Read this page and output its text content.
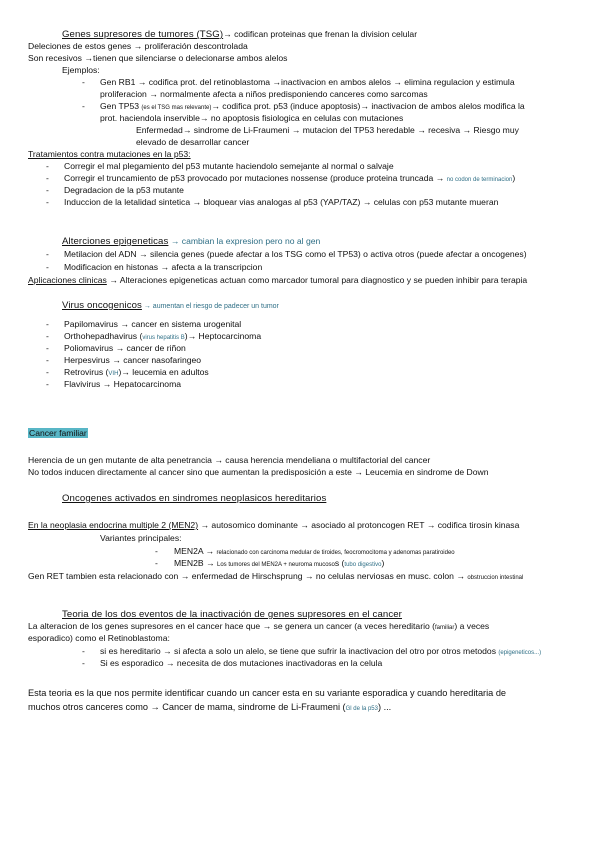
Genes supresores de tumores (TSG)→ codifican proteinas que frenan la division celular
Deleciones de estos genes → proliferación descontrolada
Son recesivos →tienen que silenciarse o delecionarse ambos alelos
Ejemplos:
- Gen RB1 → codifica prot. del retinoblastoma →inactivacion en ambos alelos → elimina regulacion y estimula
proliferacion → normalmente afecta a niños predisponiendo canceres como sarcomas
- Gen TP53 (es el TSG mas relevante)→ codifica prot. p53 (induce apoptosis)→ inactivacion de ambos alelos modifica la
prot. haciendola inservible→ no apoptosis fisiologica en celulas con mutaciones
Enfermedad→ sindrome de Li-Fraumeni → mutacion del TP53 heredable → recesiva → Riesgo muy
elevado de desarrollar cancer
Tratamientos contra mutaciones en la p53:
- Corregir el mal plegamiento del p53 mutante haciendolo semejante al normal o salvaje
- Corregir el truncamiento de p53 provocado por mutaciones nossense (produce proteina truncada → no codon de terminacion)
- Degradacion de la p53 mutante
- Induccion de la letalidad sintetica → bloquear vias analogas al p53 (YAP/TAZ) → celulas con p53 mutante mueran
Alterciones epigeneticas → cambian la expresion pero no al gen
- Metilacion del ADN → silencia genes (puede afectar a los TSG como el TP53) o activa otros (puede afectar a oncogenes)
- Modificacion en histonas → afecta a la transcripcion
Aplicaciones clinicas → Alteraciones epigeneticas actuan como marcador tumoral para diagnostico y se pueden inhibir para terapia
Virus oncogenicos → aumentan el riesgo de padecer un tumor
- Papilomavirus → cancer en sistema urogenital
- Orthohepadhavirus (virus hepatitis B)→ Heptocarcinoma
- Poliomavirus → cancer de riñon
- Herpesvirus → cancer nasofaringeo
- Retrovirus (VIH)→ leucemia en adultos
- Flavivirus → Hepatocarcinoma
Cancer familiar
Herencia de un gen mutante de alta penetrancia → causa herencia mendeliana o multifactorial del cancer
No todos inducen directamente al cancer sino que aumentan la predisposición a este → Leucemia en sindrome de Down
Oncogenes activados en sindromes neoplasicos hereditarios
En la neoplasia endocrina multiple 2 (MEN2) → autosomico dominante → asociado al protoncogen RET → codifica tirosin kinasa
Variantes principales:
- MEN2A → relacionado con carcinoma medular de tiroides, feocromocitoma y adenomas paratiroideo
- MEN2B → Los tumores del MEN2A + neuroma mucosos (tubo digestivo)
Gen RET tambien esta relacionado con → enfermedad de Hirschsprung → no celulas nerviosas en musc. colon → obstruccion intestinal
Teoria de los dos eventos de la inactivación de genes supresores en el cancer
La alteracion de los genes supresores en el cancer hace que → se genera un cancer (a veces hereditario (familiar) a veces
esporadico) como el Retinoblastoma:
- si es hereditario → si afecta a solo un alelo, se tiene que sufrir la inactivacion del otro por otros metodos (epigeneticos...)
- Si es esporadico → necesita de dos mutaciones inactivadoras en la celula
Esta teoria es la que nos permite identificar cuando un cancer esta en su variante esporadica y cuando hereditaria de
muchos otros canceres como → Cancer de mama, sindrome de Li-Fraumeni (Gl de la p53) ...
